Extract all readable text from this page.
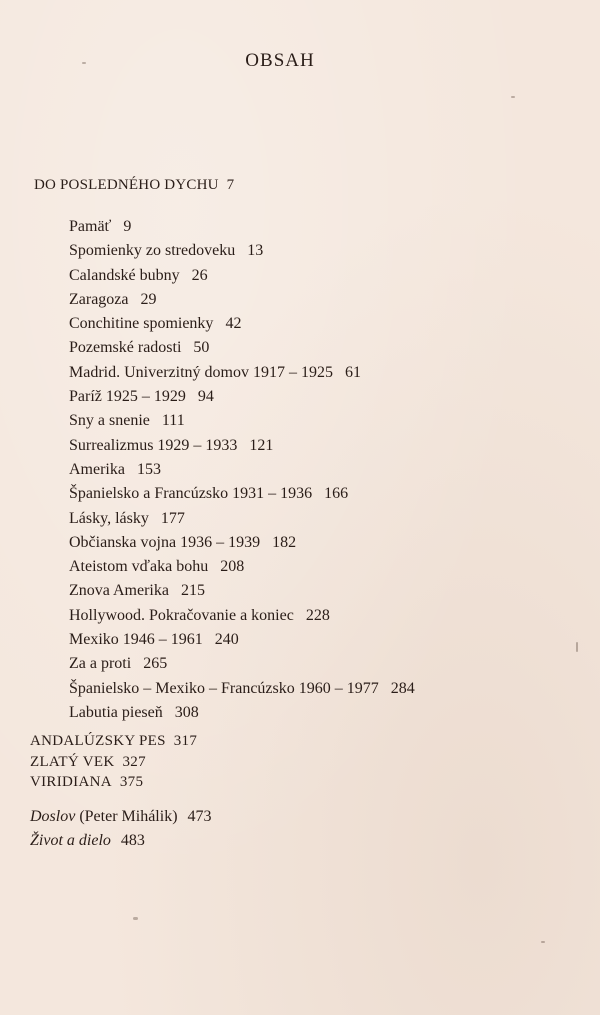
OBSAH
DO POSLEDNÉHO DYCHU 7
Pamäť 9
Spomienky zo stredoveku 13
Calandské bubny 26
Zaragoza 29
Conchitine spomienky 42
Pozemské radosti 50
Madrid. Univerzitný domov 1917 – 1925 61
Paríž 1925 – 1929 94
Sny a snenie 111
Surrealizmus 1929 – 1933 121
Amerika 153
Španielsko a Francúzsko 1931 – 1936 166
Lásky, lásky 177
Občianska vojna 1936 – 1939 182
Ateistom vďaka bohu 208
Znova Amerika 215
Hollywood. Pokračovanie a koniec 228
Mexiko 1946 – 1961 240
Za a proti 265
Španielsko – Mexiko – Francúzsko 1960 – 1977 284
Labutia pieseň 308
ANDALÚZSKY PES 317
ZLATÝ VEK 327
VIRIDIANA 375
Doslov (Peter Mihálik) 473
Život a dielo 483
